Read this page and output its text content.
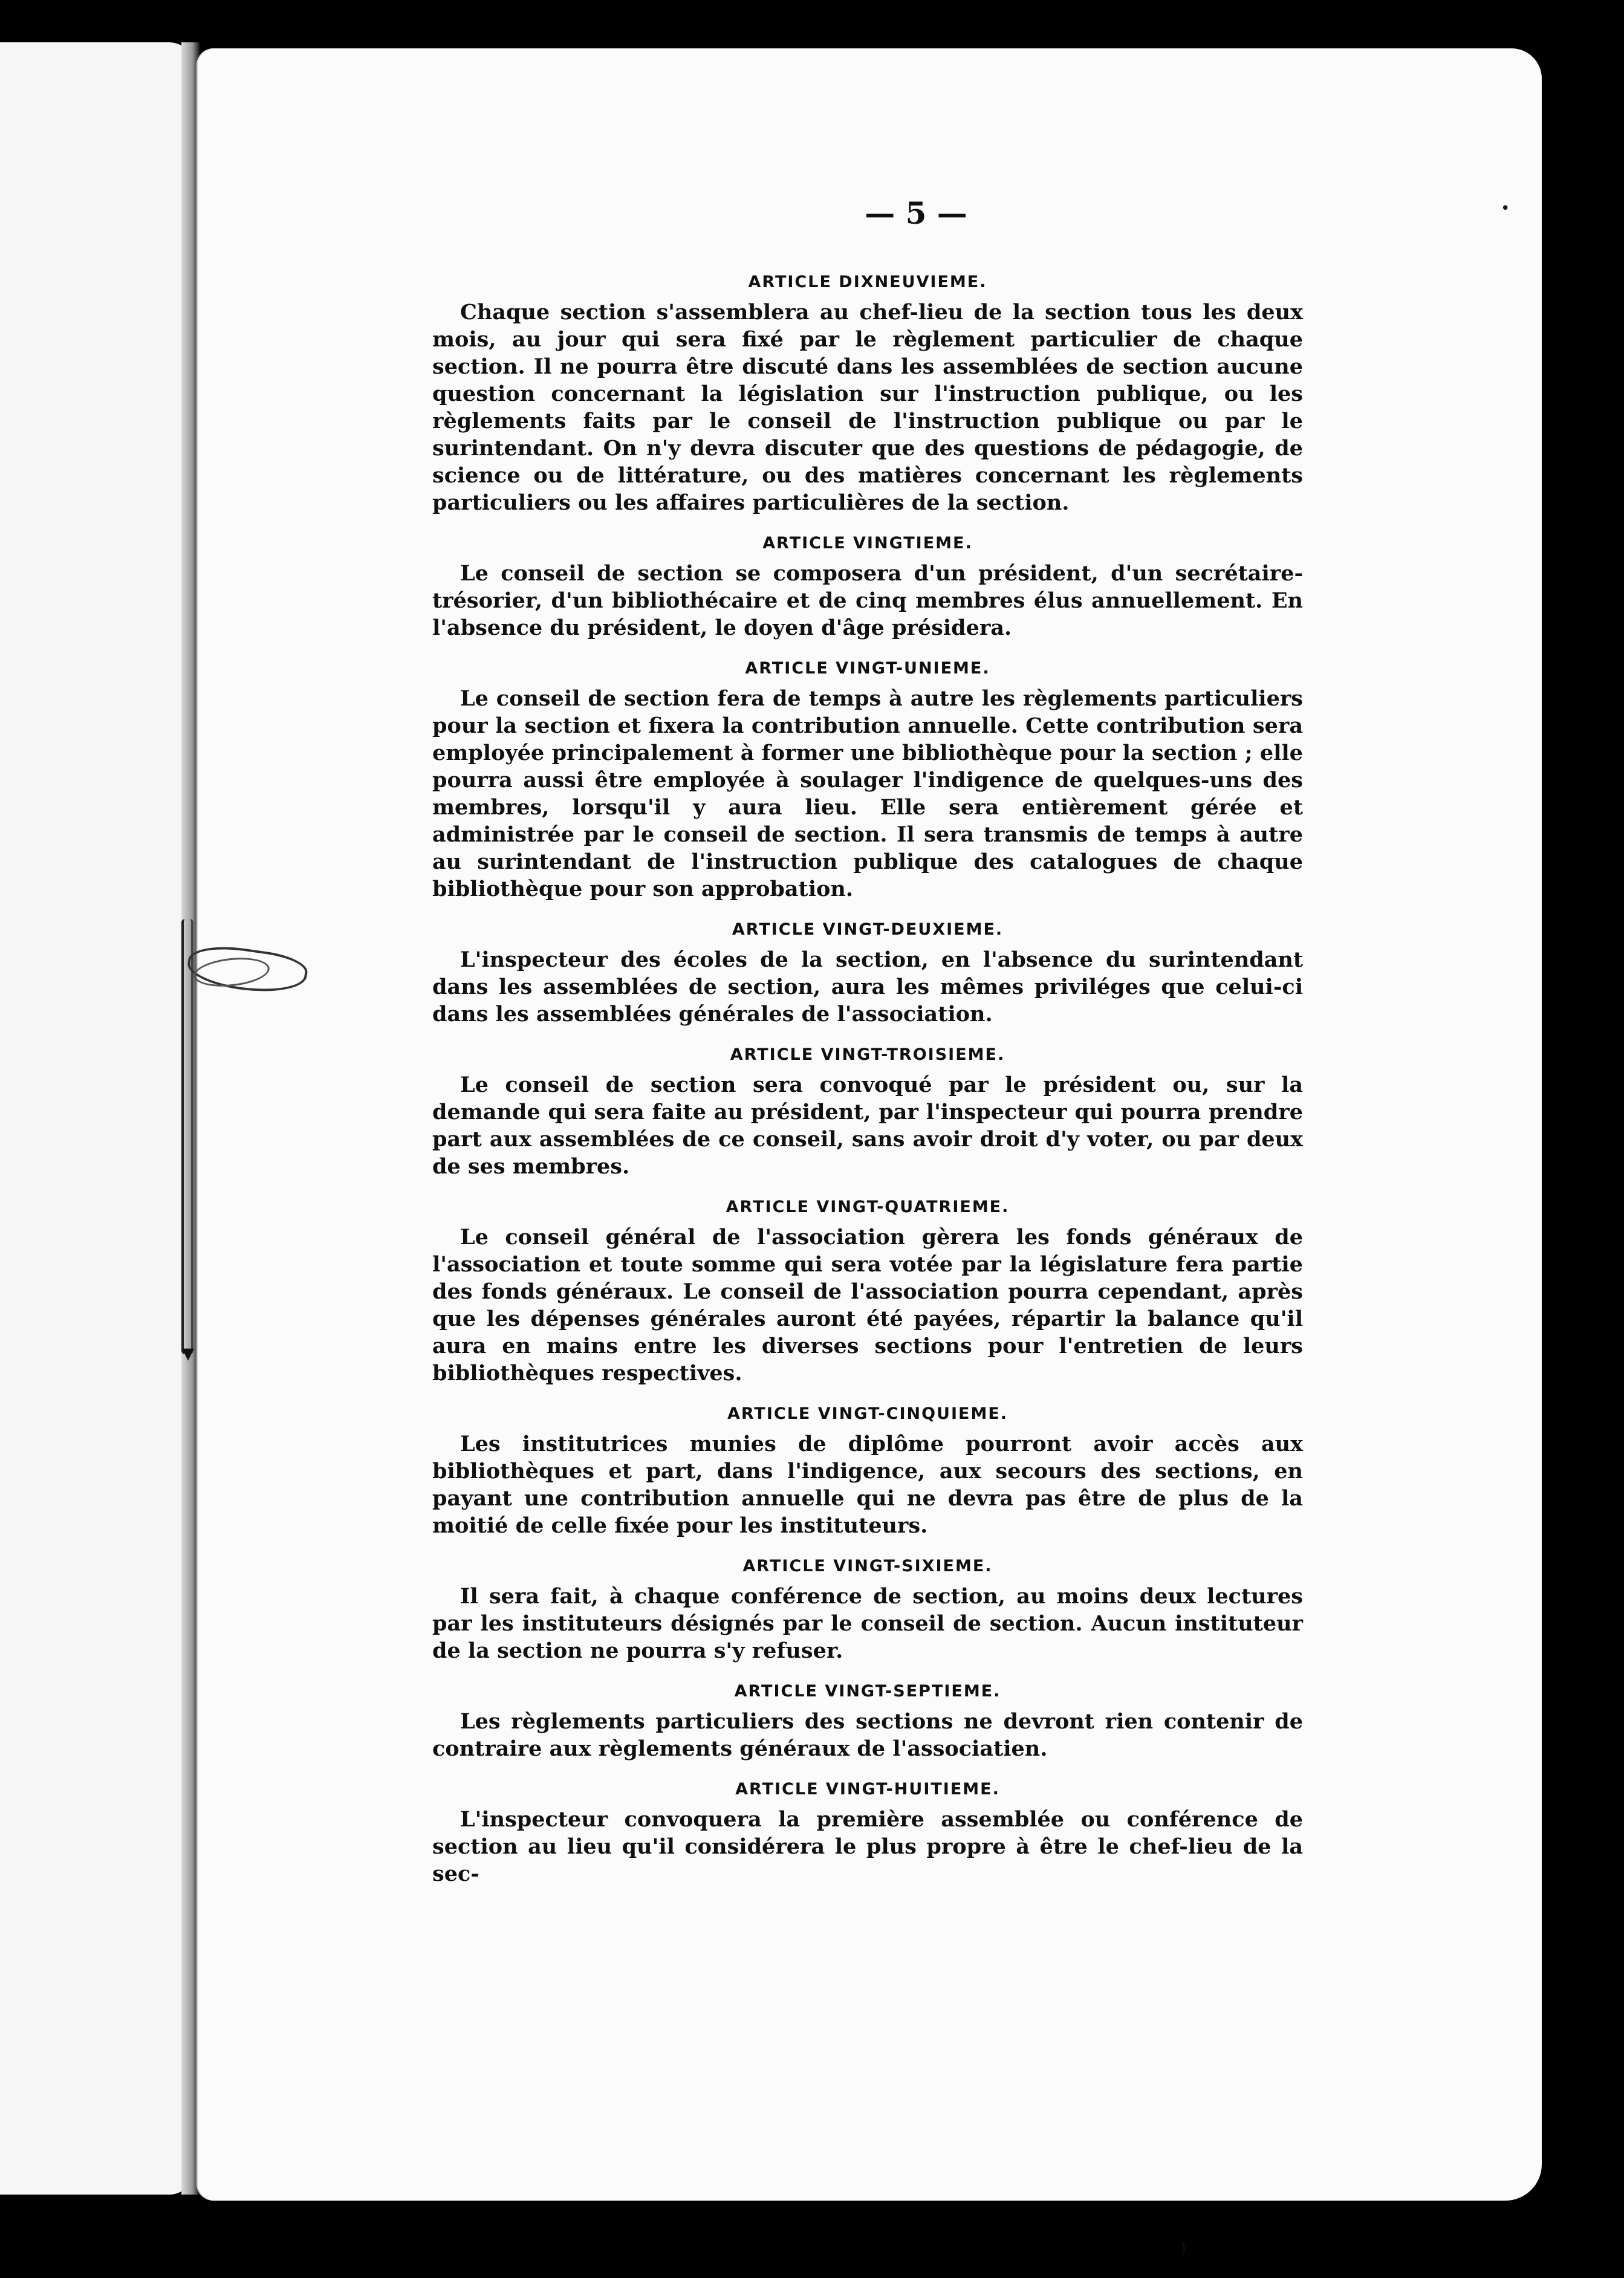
▾
•
)
— 5 —

ARTICLE DIXNEUVIEME.

Chaque section s'assemblera au chef-lieu de la section tous les deux mois, au jour qui sera fixé par le règlement particulier de chaque section. Il ne pourra être discuté dans les assemblées de section aucune question concernant la législation sur l'instruction publique, ou les règlements faits par le conseil de l'instruction publique ou par le surintendant. On n'y devra discuter que des questions de pédagogie, de science ou de littérature, ou des matières concernant les règlements particuliers ou les affaires particulières de la section.

ARTICLE VINGTIEME.

Le conseil de section se composera d'un président, d'un secrétaire-trésorier, d'un bibliothécaire et de cinq membres élus annuellement. En l'absence du président, le doyen d'âge présidera.

ARTICLE VINGT-UNIEME.

Le conseil de section fera de temps à autre les règlements particuliers pour la section et fixera la contribution annuelle. Cette contribution sera employée principalement à former une bibliothèque pour la section ; elle pourra aussi être employée à soulager l'indigence de quelques-uns des membres, lorsqu'il y aura lieu. Elle sera entièrement gérée et administrée par le conseil de section. Il sera transmis de temps à autre au surintendant de l'instruction publique des catalogues de chaque bibliothèque pour son approbation.

ARTICLE VINGT-DEUXIEME.

L'inspecteur des écoles de la section, en l'absence du surintendant dans les assemblées de section, aura les mêmes priviléges que celui-ci dans les assemblées générales de l'association.

ARTICLE VINGT-TROISIEME.

Le conseil de section sera convoqué par le président ou, sur la demande qui sera faite au président, par l'inspecteur qui pourra prendre part aux assemblées de ce conseil, sans avoir droit d'y voter, ou par deux de ses membres.

ARTICLE VINGT-QUATRIEME.

Le conseil général de l'association gèrera les fonds généraux de l'association et toute somme qui sera votée par la législature fera partie des fonds généraux. Le conseil de l'association pourra cependant, après que les dépenses générales auront été payées, répartir la balance qu'il aura en mains entre les diverses sections pour l'entretien de leurs bibliothèques respectives.

ARTICLE VINGT-CINQUIEME.

Les institutrices munies de diplôme pourront avoir accès aux bibliothèques et part, dans l'indigence, aux secours des sections, en payant une contribution annuelle qui ne devra pas être de plus de la moitié de celle fixée pour les instituteurs.

ARTICLE VINGT-SIXIEME.

Il sera fait, à chaque conférence de section, au moins deux lectures par les instituteurs désignés par le conseil de section. Aucun instituteur de la section ne pourra s'y refuser.

ARTICLE VINGT-SEPTIEME.

Les règlements particuliers des sections ne devront rien contenir de contraire aux règlements généraux de l'associatien.

ARTICLE VINGT-HUITIEME.

L'inspecteur convoquera la première assemblée ou conférence de section au lieu qu'il considérera le plus propre à être le chef-lieu de la sec-
